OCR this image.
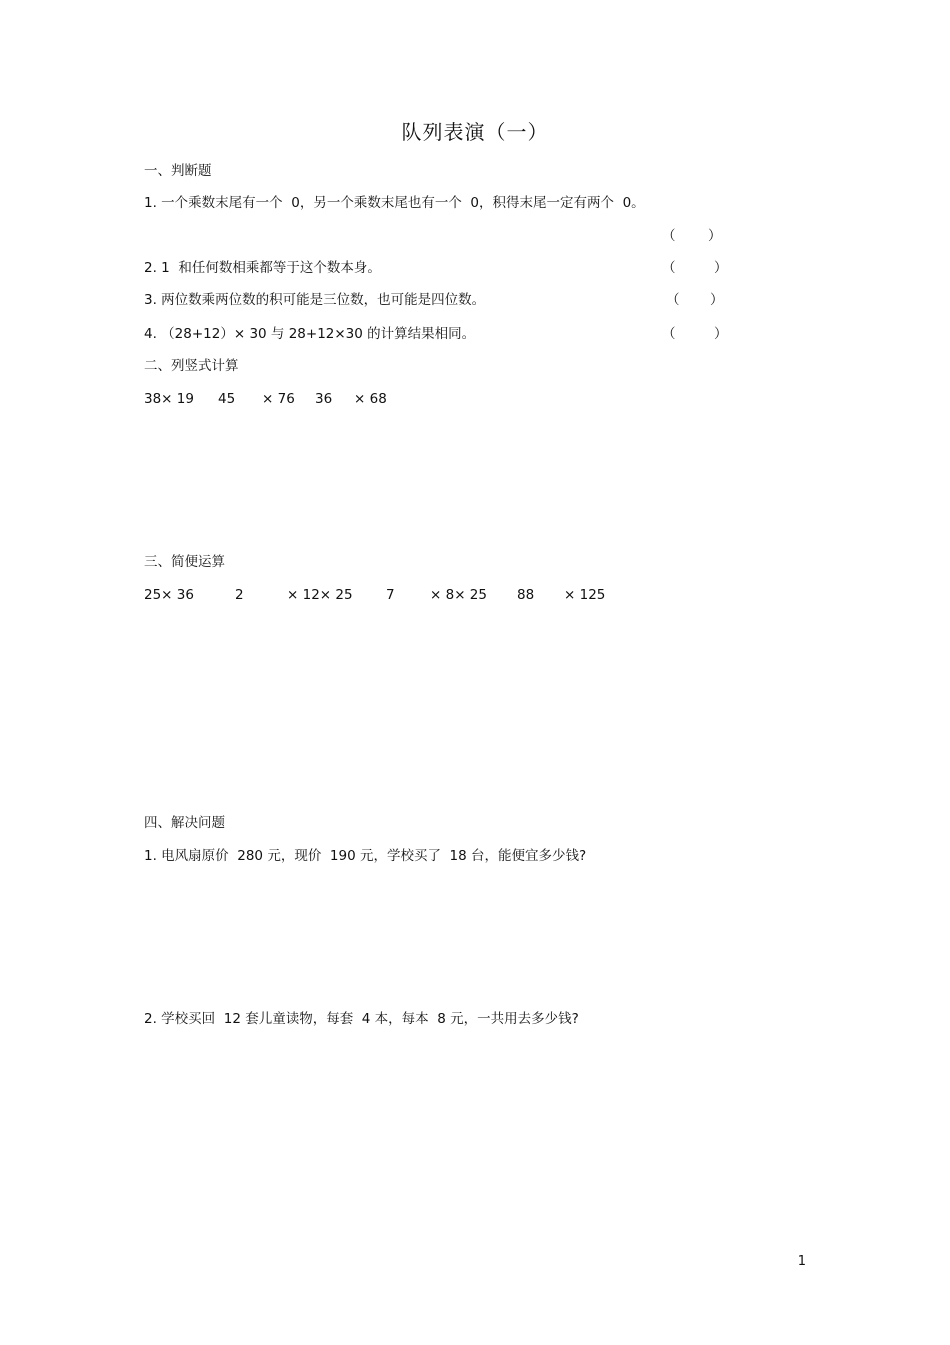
队列表演（一）
一、判断题
1. 一个乘数末尾有一个  0，另一个乘数末尾也有一个  0，积得末尾一定有两个  0。
（ ）
2. 1  和任何数相乘都等于这个数本身。	（	）
3. 两位数乘两位数的积可能是三位数，也可能是四位数。	（ ）
4. （28+12）× 30 与 28+12×30 的计算结果相同。	（	）
二、列竖式计算
38× 19 45 × 76 36 × 68
三、简便运算
25× 36	2	× 12× 25 7	× 8× 25 88 × 125
四、解决问题
1. 电风扇原价  280 元，现价  190 元，学校买了  18 台，能便宜多少钱?
2. 学校买回  12 套儿童读物，每套  4 本，每本  8 元，一共用去多少钱?
1
